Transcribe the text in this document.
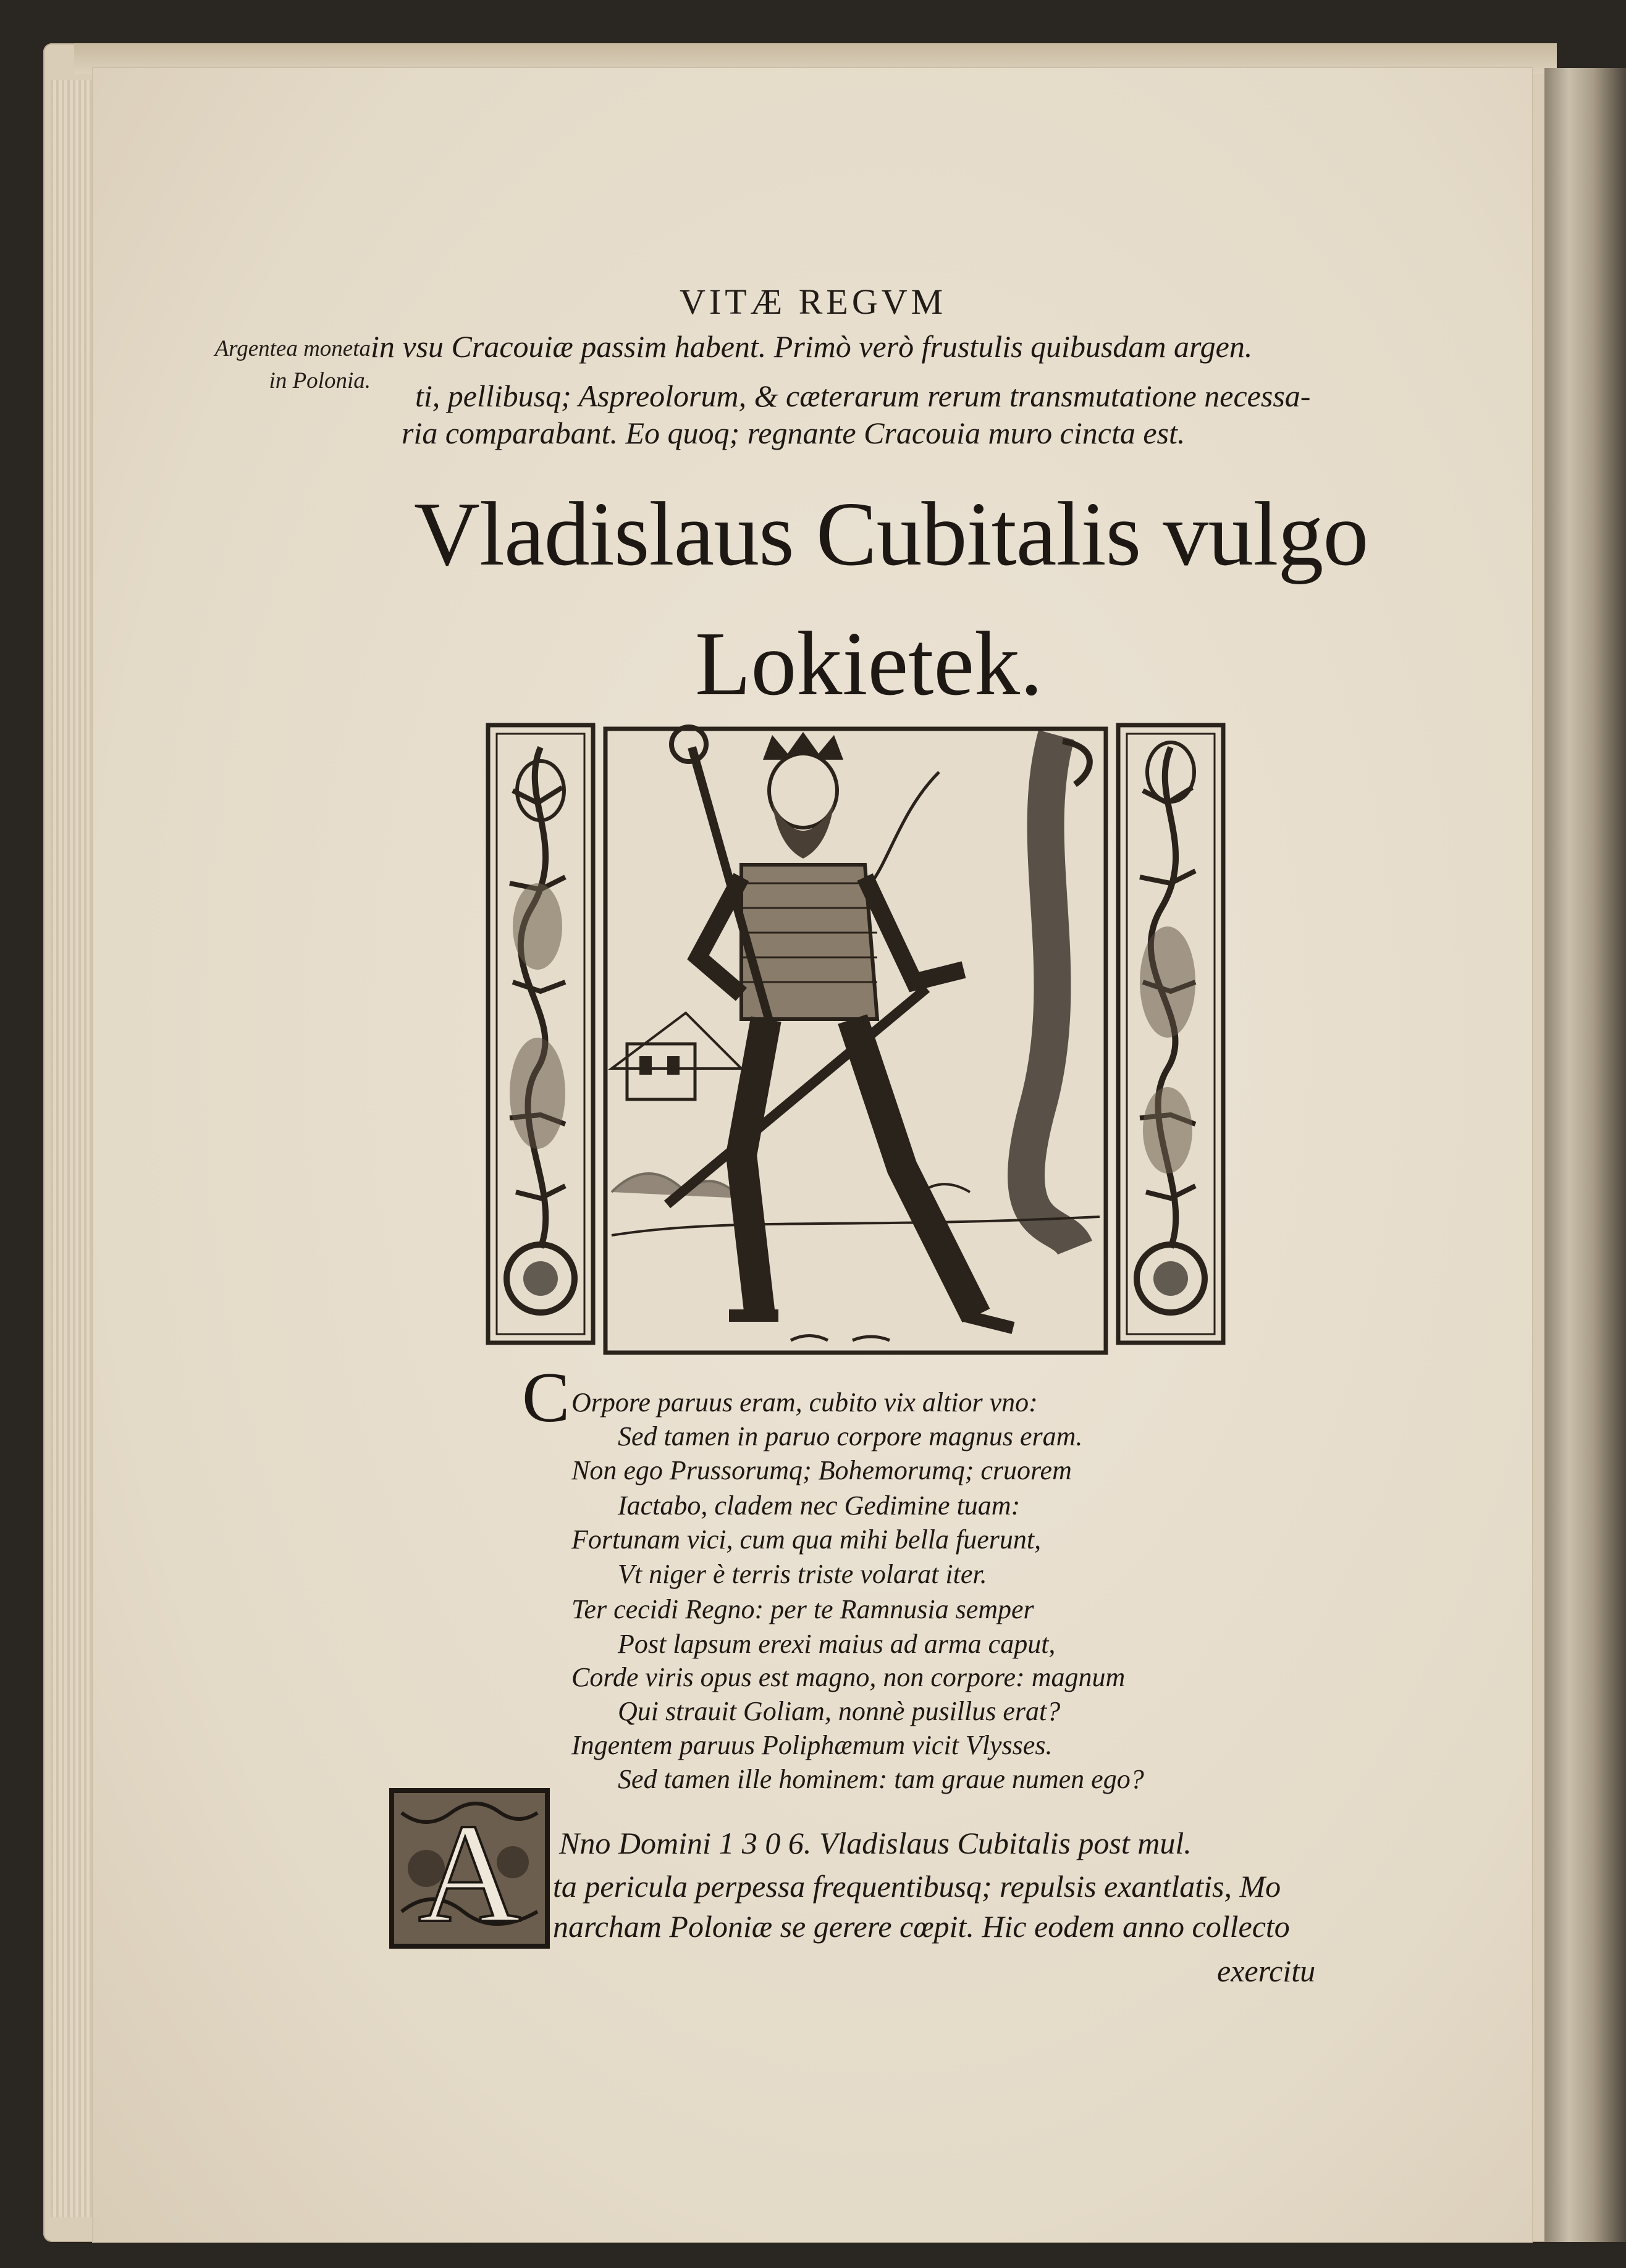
VITÆ REGVM
Argentea moneta
in Polonia.
in vsu Cracouiæ passim habent. Primò verò frustulis quibusdam argen.
ti, pellibusq; Aspreolorum, & cæterarum rerum transmutatione necessa-
ria comparabant. Eo quoq; regnante Cracouia muro cincta est.
Vladislaus Cubitalis vulgo
Lokietek.
C Orpore paruus eram, cubito vix altior vno:
Sed tamen in paruo corpore magnus eram.
Non ego Prussorumq; Bohemorumq; cruorem
Iactabo, cladem nec Gedimine tuam:
Fortunam vici, cum qua mihi bella fuerunt,
Vt niger è terris triste volarat iter.
Ter cecidi Regno: per te Ramnusia semper
Post lapsum erexi maius ad arma caput,
Corde viris opus est magno, non corpore: magnum
Qui strauit Goliam, nonnè pusillus erat?
Ingentem paruus Poliphæmum vicit Vlysses.
Sed tamen ille hominem: tam graue numen ego?
A Nno Domini 1 3 0 6. Vladislaus Cubitalis post mul.
ta pericula perpessa frequentibusq; repulsis exantlatis, Mo
narcham Poloniæ se gerere cœpit. Hic eodem anno collecto
exercitu
